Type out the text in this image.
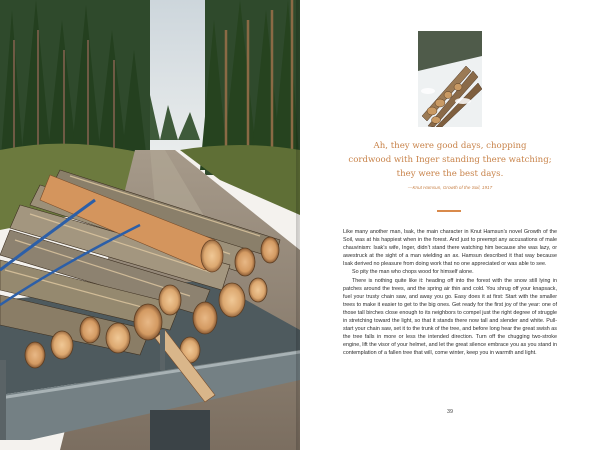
Ah, they were good days, chopping
cordwood with Inger standing there watching;
they were the best days.
—Knut Hamsun, Growth of the Soil, 1917

Like many another man, Isak, the main character in Knut Hamsun’s novel Growth of the Soil, was at his happiest when in the forest. And just to preempt any accusations of male chauvinism: Isak’s wife, Inger, didn’t stand there watching him because she was lazy, or awestruck at the sight of a man wielding an ax. Hamsun described it that way because Isak derived no pleasure from doing work that no one appreciated or was able to see.

So pity the man who chops wood for himself alone.

There is nothing quite like it: heading off into the forest with the snow still lying in patches around the trees, and the spring air thin and cold. You shrug off your knapsack, fuel your trusty chain saw, and away you go. Easy does it at first: Start with the smaller trees to make it easier to get to the big ones. Get ready for the first joy of the year: one of those tall birches close enough to its neighbors to compel just the right degree of struggle in stretching toward the light, so that it stands there now tall and slender and white. Pull-start your chain saw, set it to the trunk of the tree, and before long hear the great swish as the tree falls in more or less the intended direction. Turn off the chugging two-stroke engine, lift the visor of your helmet, and let the great silence embrace you as you stand in contemplation of a fallen tree that will, come winter, keep you in warmth and light.

39
